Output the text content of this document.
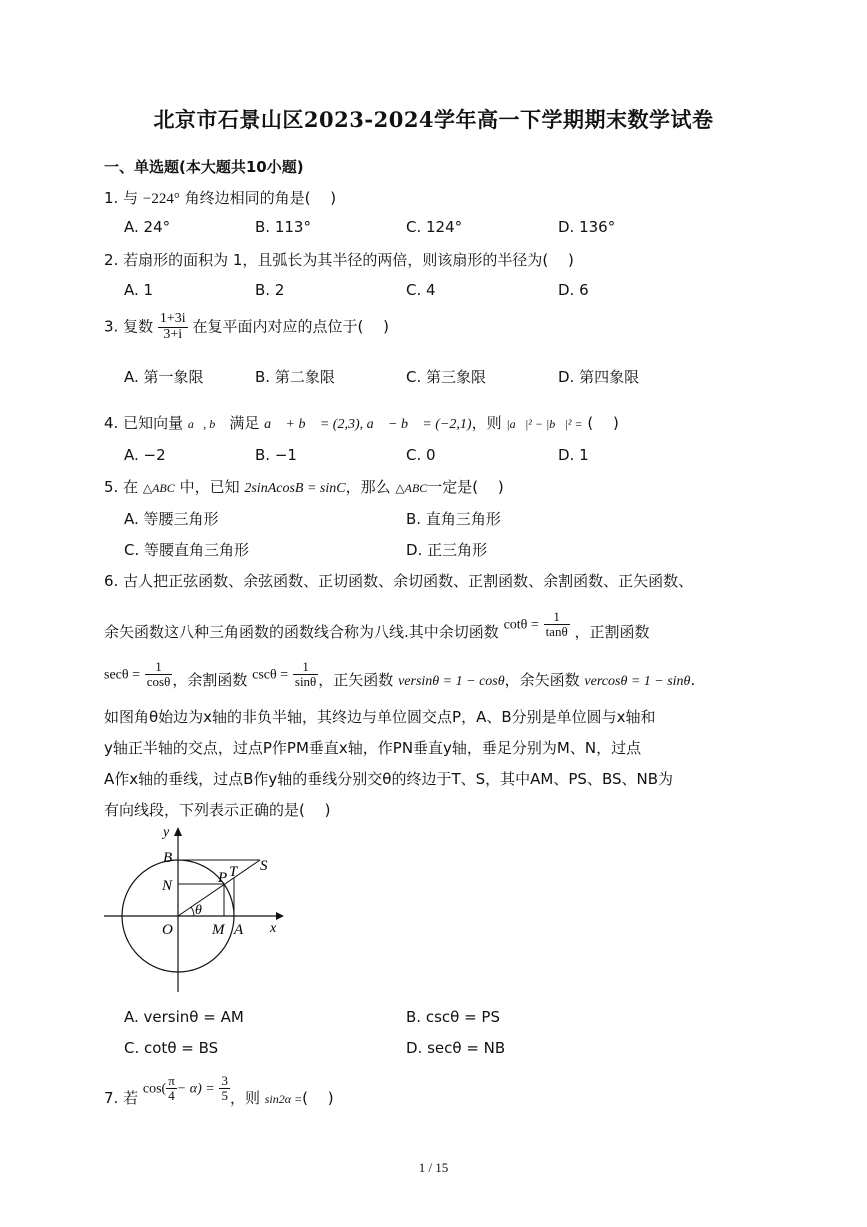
北京市石景山区2023-2024学年高一下学期期末数学试卷
一、单选题(本大题共10小题)
1. 与 −224° 角终边相同的角是(　 )
A. 24°	B. 113°	C. 124°	D. 136°
2. 若扇形的面积为 1，且弧长为其半径的两倍，则该扇形的半径为(　 )
A. 1	B. 2	C. 4	D. 6
3. 复数 $\frac{1+3i}{3+i}$ 在复平面内对应的点位于(　 )
A. 第一象限	B. 第二象限	C. 第三象限	D. 第四象限
4. 已知向量 a⃗, b⃗ 满足 a⃗ + b⃗ = (2,3), a⃗ − b⃗ = (−2,1)，则 |a⃗|² − |b⃗|² = (　 )
A. −2	B. −1	C. 0	D. 1
5. 在 △ABC 中，已知 2sinAcosB = sinC，那么 △ABC一定是(　 )
A. 等腰三角形	B. 直角三角形
C. 等腰直角三角形	D. 正三角形
6. 古人把正弦函数、余弦函数、正切函数、余切函数、正割函数、余割函数、正矢函数、
余矢函数这八种三角函数的函数线合称为八线.其中余切函数 $\cot\theta = \frac{1}{\tan\theta}$ ，正割函数
$\sec\theta = \frac{1}{\cos\theta}$ ，余割函数 $\csc\theta = \frac{1}{\sin\theta}$ ，正矢函数 versinθ = 1 − cosθ，余矢函数 vercosθ = 1 − sinθ.
如图角θ始边为x轴的非负半轴，其终边与单位圆交点P，A、B分别是单位圆与x轴和
y轴正半轴的交点，过点P作PM垂直x轴，作PN垂直y轴，垂足分别为M、N，过点
A作x轴的垂线，过点B作y轴的垂线分别交θ的终边于T、S，其中AM、PS、BS、NB为
有向线段，下列表示正确的是(　 )
y
x
B
N	P T S
O	M A
θ
A. versinθ = AM	B. cscθ = PS
C. cotθ = BS	D. secθ = NB
7. 若 $\cos( \frac{\pi}{4} - \alpha) = \frac{3}{5}$ ，则 $_{sin2\alpha =}$(　 )
1 / 15
